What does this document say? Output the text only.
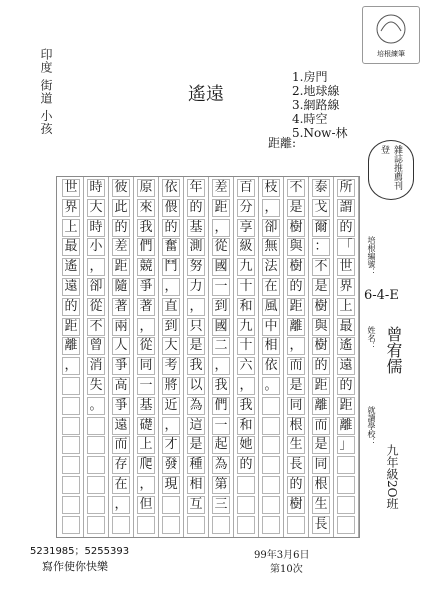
印度 街道 小孩
遙遠
1.房門
2.地球線
3.網路線
4.時空
5.Now-林
距離:
培根練筆
雜誌推薦刊登
所
謂
的
「
世
界
上
最
遙
遠
的
距
離
」
泰
戈
爾
：
不
是
樹
與
樹
的
距
離
而
是
同
根
生
長
不
是
樹
與
樹
的
距
離
，
而
是
同
根
生
長
的
樹
枝
，
卻
無
法
在
風
中
相
依
。
百
分
享
級
九
十
和
九
十
六
，
我
和
她
的
差
距
，
從
國
一
到
國
二
，
我
們
一
起
為
第
三
年
的
基
測
努
力
，
只
是
我
以
為
這
是
種
相
互
依
偎
的
奮
鬥
，
直
到
大
考
將
近
，
才
發
現
原
來
我
們
競
爭
著
，
從
同
一
基
礎
上
爬
，
但
彼
此
的
差
距
隨
著
兩
人
爭
高
爭
遠
而
存
在
，
時
大
時
小
，
卻
從
不
曾
消
失
。
世
界
上
最
遙
遠
的
距
離
，
培根編號：
6-4-E
姓名： 曾宥儒
就讀學校：
九年級2O班
5231985；5255393
寫作使你快樂
99年3月6日
第10次
